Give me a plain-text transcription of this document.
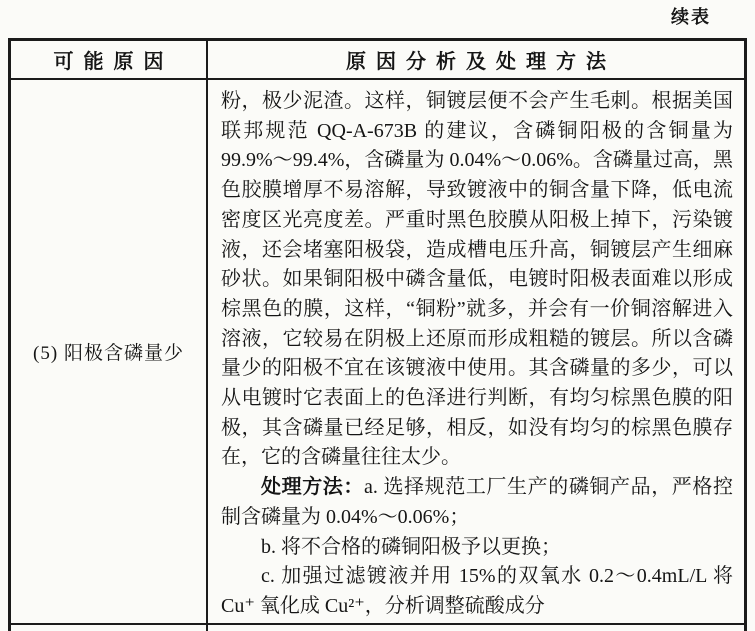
续表
可能原因	原因分析及处理方法
(5) 阳极含磷量少

粉，极少泥渣。这样，铜镀层便不会产生毛刺。根据美国联邦规范 QQ-A-673B 的建议，含磷铜阳极的含铜量为 99.9%～99.4%，含磷量为 0.04%～0.06%。含磷量过高，黑色胶膜增厚不易溶解，导致镀液中的铜含量下降，低电流密度区光亮度差。严重时黑色胶膜从阳极上掉下，污染镀液，还会堵塞阳极袋，造成槽电压升高，铜镀层产生细麻砂状。如果铜阳极中磷含量低，电镀时阳极表面难以形成棕黑色的膜，这样，“铜粉”就多，并会有一价铜溶解进入溶液，它较易在阴极上还原而形成粗糙的镀层。所以含磷量少的阳极不宜在该镀液中使用。其含磷量的多少，可以从电镀时它表面上的色泽进行判断，有均匀棕黑色膜的阳极，其含磷量已经足够，相反，如没有均匀的棕黑色膜存在，它的含磷量往往太少。

处理方法：a. 选择规范工厂生产的磷铜产品，严格控制含磷量为 0.04%～0.06%；

b. 将不合格的磷铜阳极予以更换；

c. 加强过滤镀液并用 15%的双氧水 0.2～0.4mL/L 将 Cu⁺ 氧化成 Cu²⁺，分析调整硫酸成分
